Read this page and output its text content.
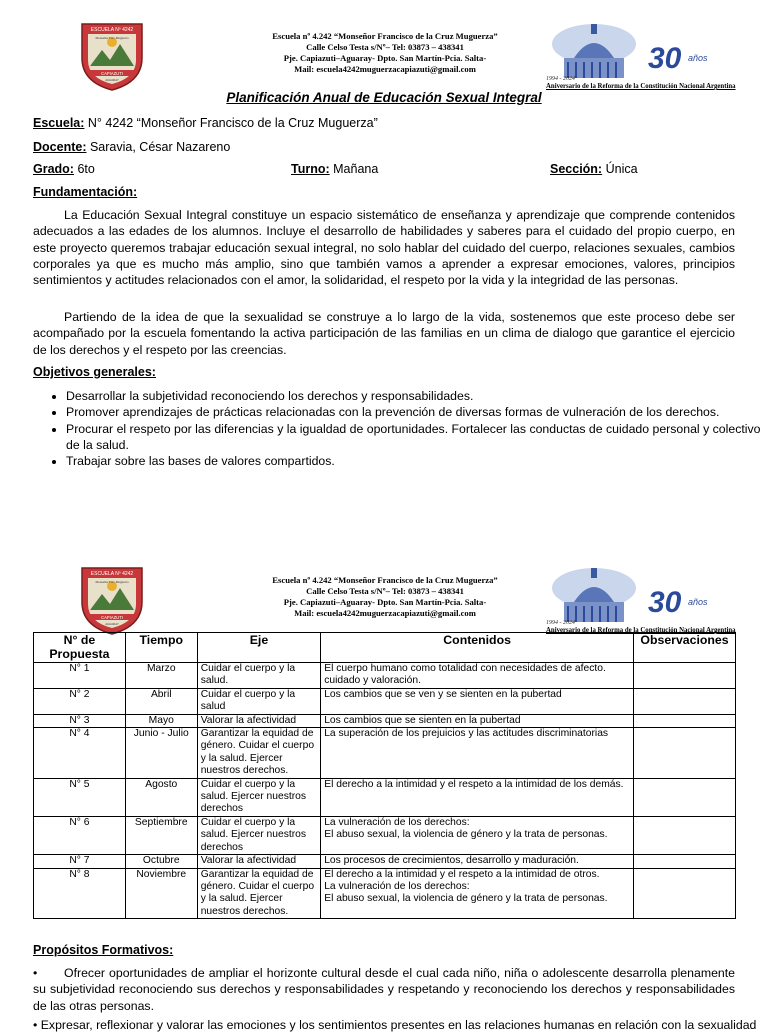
ESCUELA Nº 4242
Monseñor Fco. Muguerza
CAPIAZUTI
AGUARAY
Escuela nº 4.242 “Monseñor Francisco de la Cruz Muguerza”
Calle Celso Testa s/Nº– Tel: 03873 – 438341
Pje. Capiazuti–Aguaray- Dpto. San Martín-Pcia. Salta-
Mail: escuela4242muguerzacapiazuti@gmail.com	30 años
1994 - 2024
Aniversario de la Reforma de la Constitución Nacional Argentina
Planificación Anual de Educación Sexual Integral
Escuela: N° 4242 “Monseñor Francisco de la Cruz Muguerza”
Docente: Saravia, César Nazareno
Grado: 6to	Turno: Mañana	Sección: Única
Fundamentación:
La Educación Sexual Integral constituye un espacio sistemático de enseñanza y aprendizaje que comprende contenidos adecuados a las edades de los alumnos. Incluye el desarrollo de habilidades y saberes para el cuidado del propio cuerpo, en este proyecto queremos trabajar educación sexual integral, no solo hablar del cuidado del cuerpo, relaciones sexuales, cambios corporales ya que es mucho más amplio, sino que también vamos a aprender a expresar emociones, valores, principios sentimientos y actitudes relacionados con el amor, la solidaridad, el respeto por la vida y la integridad de las personas.
Partiendo de la idea de que la sexualidad se construye a lo largo de la vida, sostenemos que este proceso debe ser acompañado por la escuela fomentando la activa participación de las familias en un clima de dialogo que garantice el ejercicio de los derechos y el respeto por las creencias.
Objetivos generales:
• Desarrollar la subjetividad reconociendo los derechos y responsabilidades.
• Promover aprendizajes de prácticas relacionadas con la prevención de diversas formas de vulneración de los derechos.
• Procurar el respeto por las diferencias y la igualdad de oportunidades. Fortalecer las conductas de cuidado personal y colectivo de la salud.
• Trabajar sobre las bases de valores compartidos.
ESCUELA Nº 4242
Monseñor Fco. Muguerza
CAPIAZUTI
AGUARAY
Escuela nº 4.242 “Monseñor Francisco de la Cruz Muguerza”
Calle Celso Testa s/Nº– Tel: 03873 – 438341
Pje. Capiazuti–Aguaray- Dpto. San Martín-Pcia. Salta-
Mail: escuela4242muguerzacapiazuti@gmail.com	30 años
1994 - 2024
Aniversario de la Reforma de la Constitución Nacional Argentina
N° de Propuesta	Tiempo	Eje	Contenidos	Observaciones
N° 1	Marzo	Cuidar el cuerpo y la salud.	El cuerpo humano como totalidad con necesidades de afecto. cuidado y valoración.	
N° 2	Abril	Cuidar el cuerpo y la salud	Los cambios que se ven y se sienten en la pubertad	
N° 3	Mayo	Valorar la afectividad	Los cambios que se sienten en la pubertad	
N° 4	Junio - Julio	Garantizar la equidad de género. Cuidar el cuerpo y la salud. Ejercer nuestros derechos.	La superación de los prejuicios y las actitudes discriminatorias	
N° 5	Agosto	Cuidar el cuerpo y la salud. Ejercer nuestros derechos	El derecho a la intimidad y el respeto a la intimidad de los demás.	
N° 6	Septiembre	Cuidar el cuerpo y la salud. Ejercer nuestros derechos	La vulneración de los derechos:
El abuso sexual, la violencia de género y la trata de personas.	

N° 7	Octubre	Valorar la afectividad	Los procesos de crecimientos, desarrollo y maduración.	
N° 8	Noviembre	Garantizar la equidad de género. Cuidar el cuerpo y la salud. Ejercer nuestros derechos.	El derecho a la intimidad y el respeto a la intimidad de otros.
La vulneración de los derechos:
El abuso sexual, la violencia de género y la trata de personas.	

Propósitos Formativos:
• Ofrecer oportunidades de ampliar el horizonte cultural desde el cual cada niño, niña o adolescente desarrolla plenamente su subjetividad reconociendo sus derechos y responsabilidades y respetando y reconociendo los derechos y responsabilidades de las otras personas.
• Expresar, reflexionar y valorar las emociones y los sentimientos presentes en las relaciones humanas en relación con la sexualidad
